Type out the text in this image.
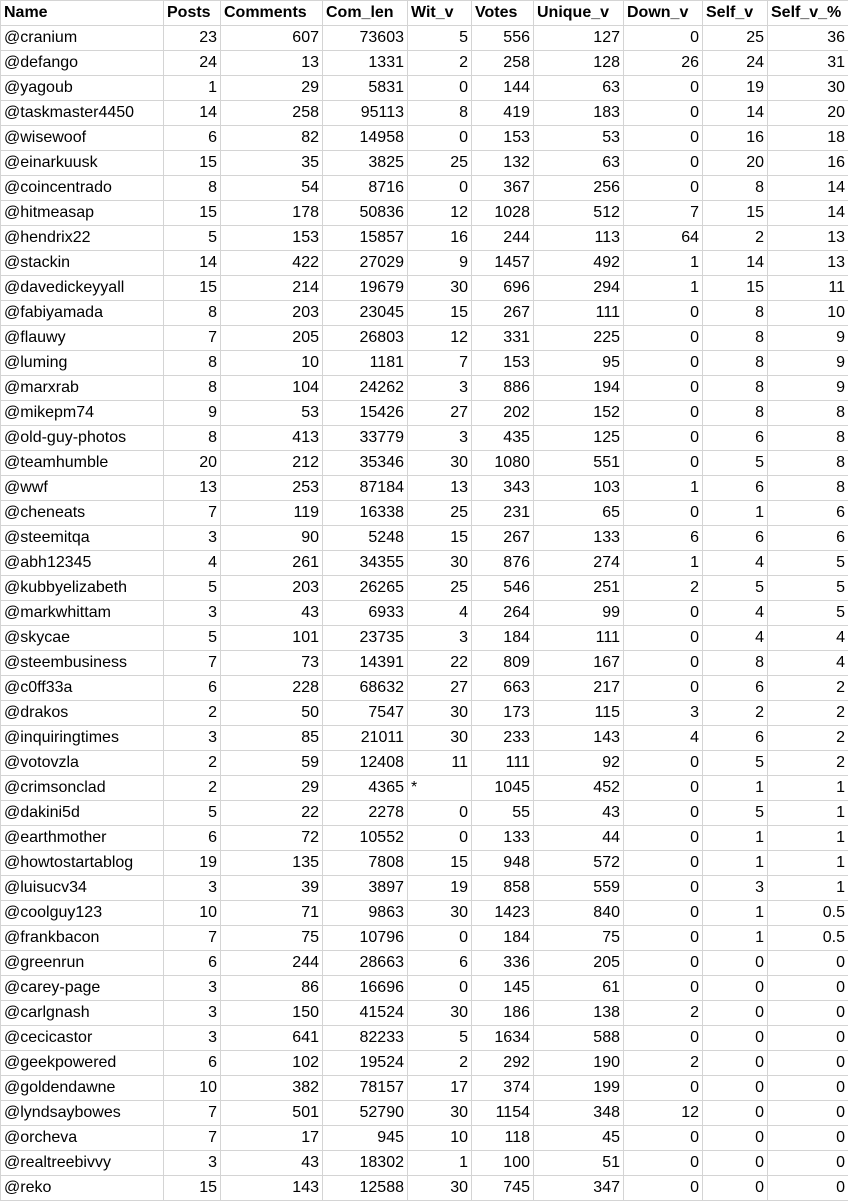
Name	Posts	Comments	Com_len	Wit_v	Votes	Unique_v	Down_v	Self_v	Self_v_%
@cranium	23	607	73603	5	556	127	0	25	36
@defango	24	13	1331	2	258	128	26	24	31
@yagoub	1	29	5831	0	144	63	0	19	30
@taskmaster4450	14	258	95113	8	419	183	0	14	20
@wisewoof	6	82	14958	0	153	53	0	16	18
@einarkuusk	15	35	3825	25	132	63	0	20	16
@coincentrado	8	54	8716	0	367	256	0	8	14
@hitmeasap	15	178	50836	12	1028	512	7	15	14
@hendrix22	5	153	15857	16	244	113	64	2	13
@stackin	14	422	27029	9	1457	492	1	14	13
@davedickeyyall	15	214	19679	30	696	294	1	15	11
@fabiyamada	8	203	23045	15	267	111	0	8	10
@flauwy	7	205	26803	12	331	225	0	8	9
@luming	8	10	1181	7	153	95	0	8	9
@marxrab	8	104	24262	3	886	194	0	8	9
@mikepm74	9	53	15426	27	202	152	0	8	8
@old-guy-photos	8	413	33779	3	435	125	0	6	8
@teamhumble	20	212	35346	30	1080	551	0	5	8
@wwf	13	253	87184	13	343	103	1	6	8
@cheneats	7	119	16338	25	231	65	0	1	6
@steemitqa	3	90	5248	15	267	133	6	6	6
@abh12345	4	261	34355	30	876	274	1	4	5
@kubbyelizabeth	5	203	26265	25	546	251	2	5	5
@markwhittam	3	43	6933	4	264	99	0	4	5
@skycae	5	101	23735	3	184	111	0	4	4
@steembusiness	7	73	14391	22	809	167	0	8	4
@c0ff33a	6	228	68632	27	663	217	0	6	2
@drakos	2	50	7547	30	173	115	3	2	2
@inquiringtimes	3	85	21011	30	233	143	4	6	2
@votovzla	2	59	12408	11	111	92	0	5	2
@crimsonclad	2	29	4365	*	1045	452	0	1	1
@dakini5d	5	22	2278	0	55	43	0	5	1
@earthmother	6	72	10552	0	133	44	0	1	1
@howtostartablog	19	135	7808	15	948	572	0	1	1
@luisucv34	3	39	3897	19	858	559	0	3	1
@coolguy123	10	71	9863	30	1423	840	0	1	0.5
@frankbacon	7	75	10796	0	184	75	0	1	0.5
@greenrun	6	244	28663	6	336	205	0	0	0
@carey-page	3	86	16696	0	145	61	0	0	0
@carlgnash	3	150	41524	30	186	138	2	0	0
@cecicastor	3	641	82233	5	1634	588	0	0	0
@geekpowered	6	102	19524	2	292	190	2	0	0
@goldendawne	10	382	78157	17	374	199	0	0	0
@lyndsaybowes	7	501	52790	30	1154	348	12	0	0
@orcheva	7	17	945	10	118	45	0	0	0
@realtreebivvy	3	43	18302	1	100	51	0	0	0
@reko	15	143	12588	30	745	347	0	0	0
